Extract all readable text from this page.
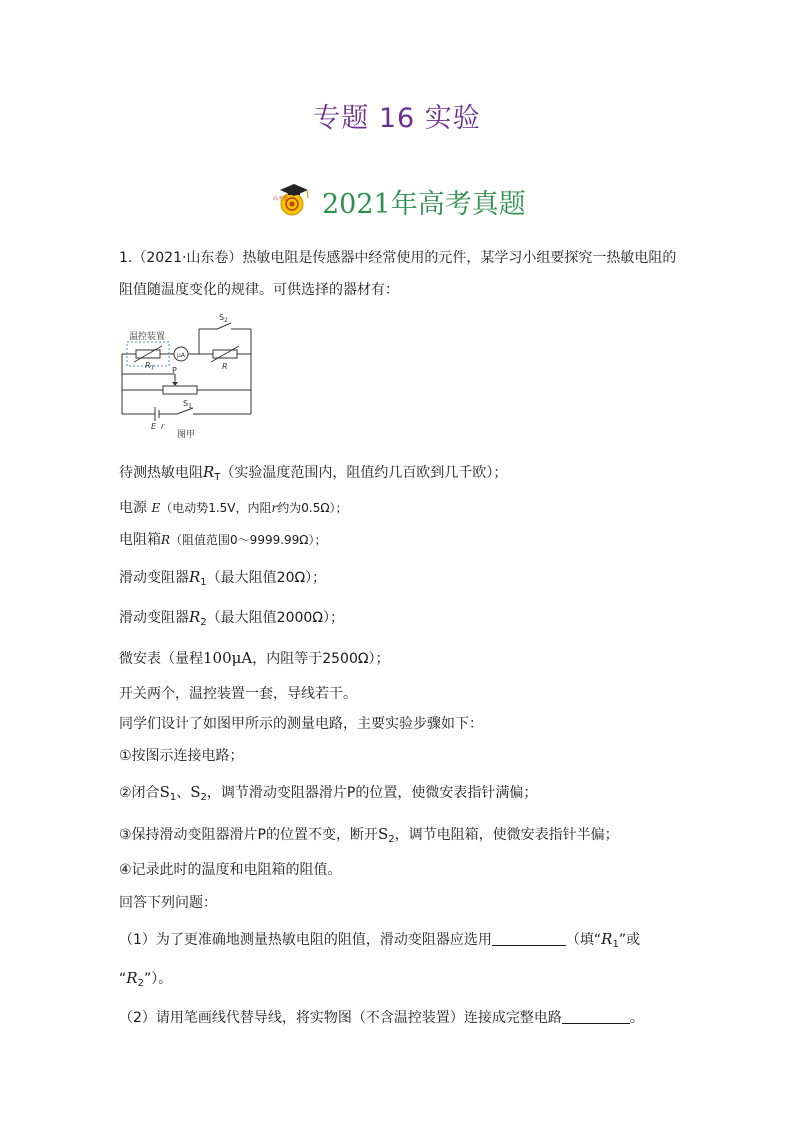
专题 16 实验
高考帮 2021年高考真题
1.（2021·山东卷）热敏电阻是传感器中经常使用的元件，某学习小组要探究一热敏电阻的
阻值随温度变化的规律。可供选择的器材有：
温控装置
μA
$R_T$	R
$S_2$
P
$S_1$
E r
图甲
待测热敏电阻$R_T$（实验温度范围内，阻值约几百欧到几千欧）；
电源 E（电动势1.5V，内阻r约为0.5Ω）；
电阻箱R（阻值范围0～9999.99Ω）；
滑动变阻器$R_1$（最大阻值20Ω）；
滑动变阻器$R_2$（最大阻值2000Ω）；
微安表（量程100μA，内阻等于2500Ω）；
开关两个，温控装置一套，导线若干。
同学们设计了如图甲所示的测量电路，主要实验步骤如下：
①按图示连接电路；
②闭合$S_1$、$S_2$，调节滑动变阻器滑片P的位置，使微安表指针满偏；
③保持滑动变阻器滑片P的位置不变，断开$S_2$，调节电阻箱，使微安表指针半偏；
④记录此时的温度和电阻箱的阻值。
回答下列问题：
（1）为了更准确地测量热敏电阻的阻值，滑动变阻器应选用	（填“$R_1$”或
“$R_2$”）。
（2）请用笔画线代替导线，将实物图（不含温控装置）连接成完整电路	。
